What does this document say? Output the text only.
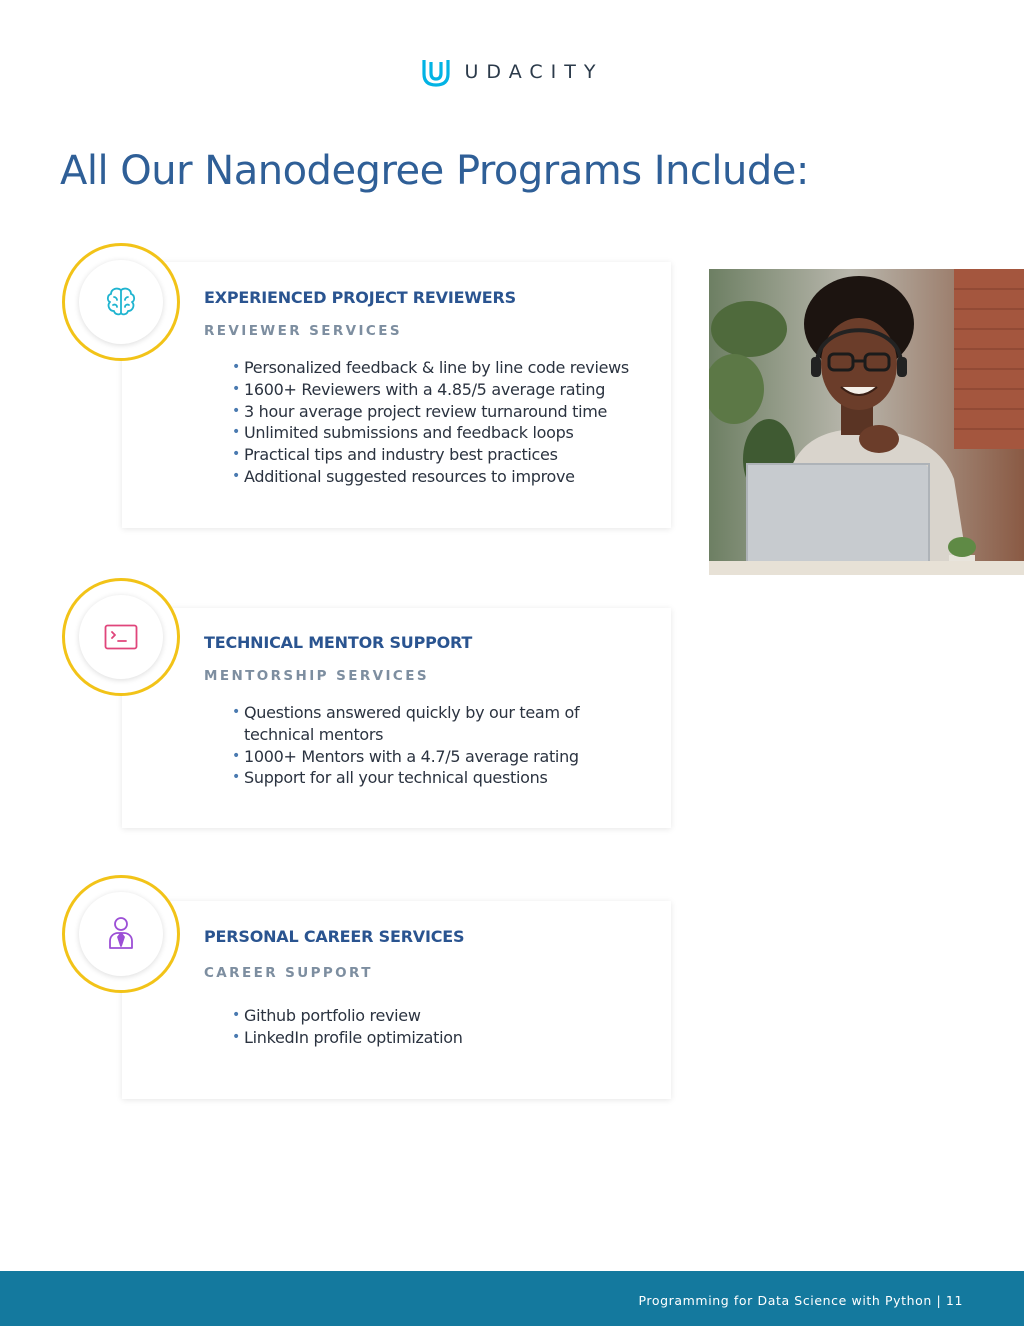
UDACITY
All Our Nanodegree Programs Include:
EXPERIENCED PROJECT REVIEWERS

REVIEWER SERVICES

• Personalized feedback & line by line code reviews
• 1600+ Reviewers with a 4.85/5 average rating
• 3 hour average project review turnaround time
• Unlimited submissions and feedback loops
• Practical tips and industry best practices
• Additional suggested resources to improve
TECHNICAL MENTOR SUPPORT

MENTORSHIP SERVICES

• Questions answered quickly by our team of technical mentors
• 1000+ Mentors with a 4.7/5 average rating
• Support for all your technical questions
PERSONAL CAREER SERVICES

CAREER SUPPORT

• Github portfolio review
• LinkedIn profile optimization
Programming for Data Science with Python | 11
